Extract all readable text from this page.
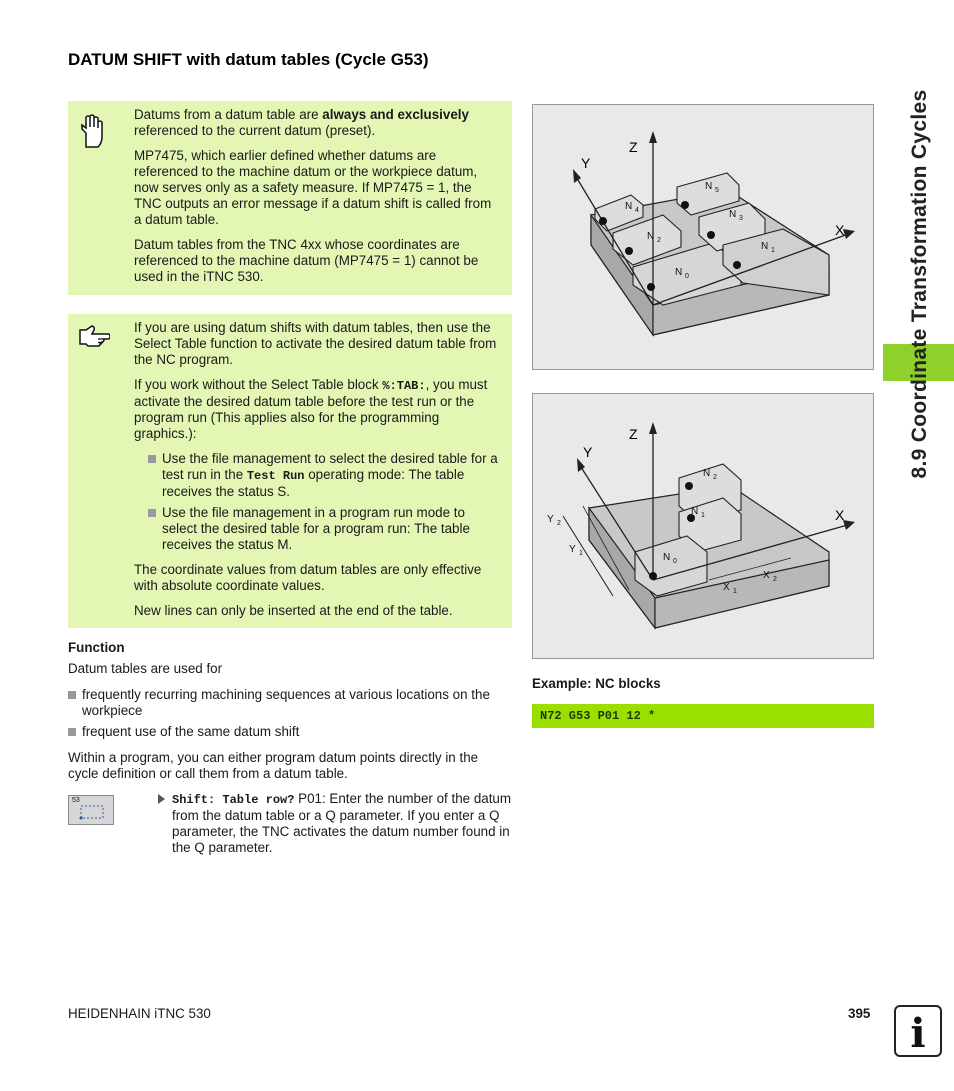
DATUM SHIFT with datum tables (Cycle G53)

Datums from a datum table are always and exclusively referenced to the current datum (preset).

MP7475, which earlier defined whether datums are referenced to the machine datum or the workpiece datum, now serves only as a safety measure. If MP7475 = 1, the TNC outputs an error message if a datum shift is called from a datum table.

Datum tables from the TNC 4xx whose coordinates are referenced to the machine datum (MP7475 = 1) cannot be used in the iTNC 530.

If you are using datum shifts with datum tables, then use the Select Table function to activate the desired datum table from the NC program.

If you work without the Select Table block %:TAB:, you must activate the desired datum table before the test run or the program run (This applies also for the programming graphics.):

Use the file management to select the desired table for a test run in the Test Run operating mode: The table receives the status S.
Use the file management in a program run mode to select the desired table for a program run: The table receives the status M.

The coordinate values from datum tables are only effective with absolute coordinate values.

New lines can only be inserted at the end of the table.

Z
Y
X
N 0
N 1
N 2
N 3
N 4
N 5
Z
Y
X
N 0
N 1
N 2
Y 1
Y 2
X 1
X 2
Function
Datum tables are used for
frequently recurring machining sequences at various locations on the workpiece
frequent use of the same datum shift
Within a program, you can either program datum points directly in the cycle definition or call them from a datum table.
53	Shift: Table row? P01: Enter the number of the datum from the datum table or a Q parameter. If you enter a Q parameter, the TNC activates the datum number found in the Q parameter.
Example: NC blocks
N72 G53 P01 12 *
8.9 Coordinate Transformation Cycles
HEIDENHAIN iTNC 530	395 i
